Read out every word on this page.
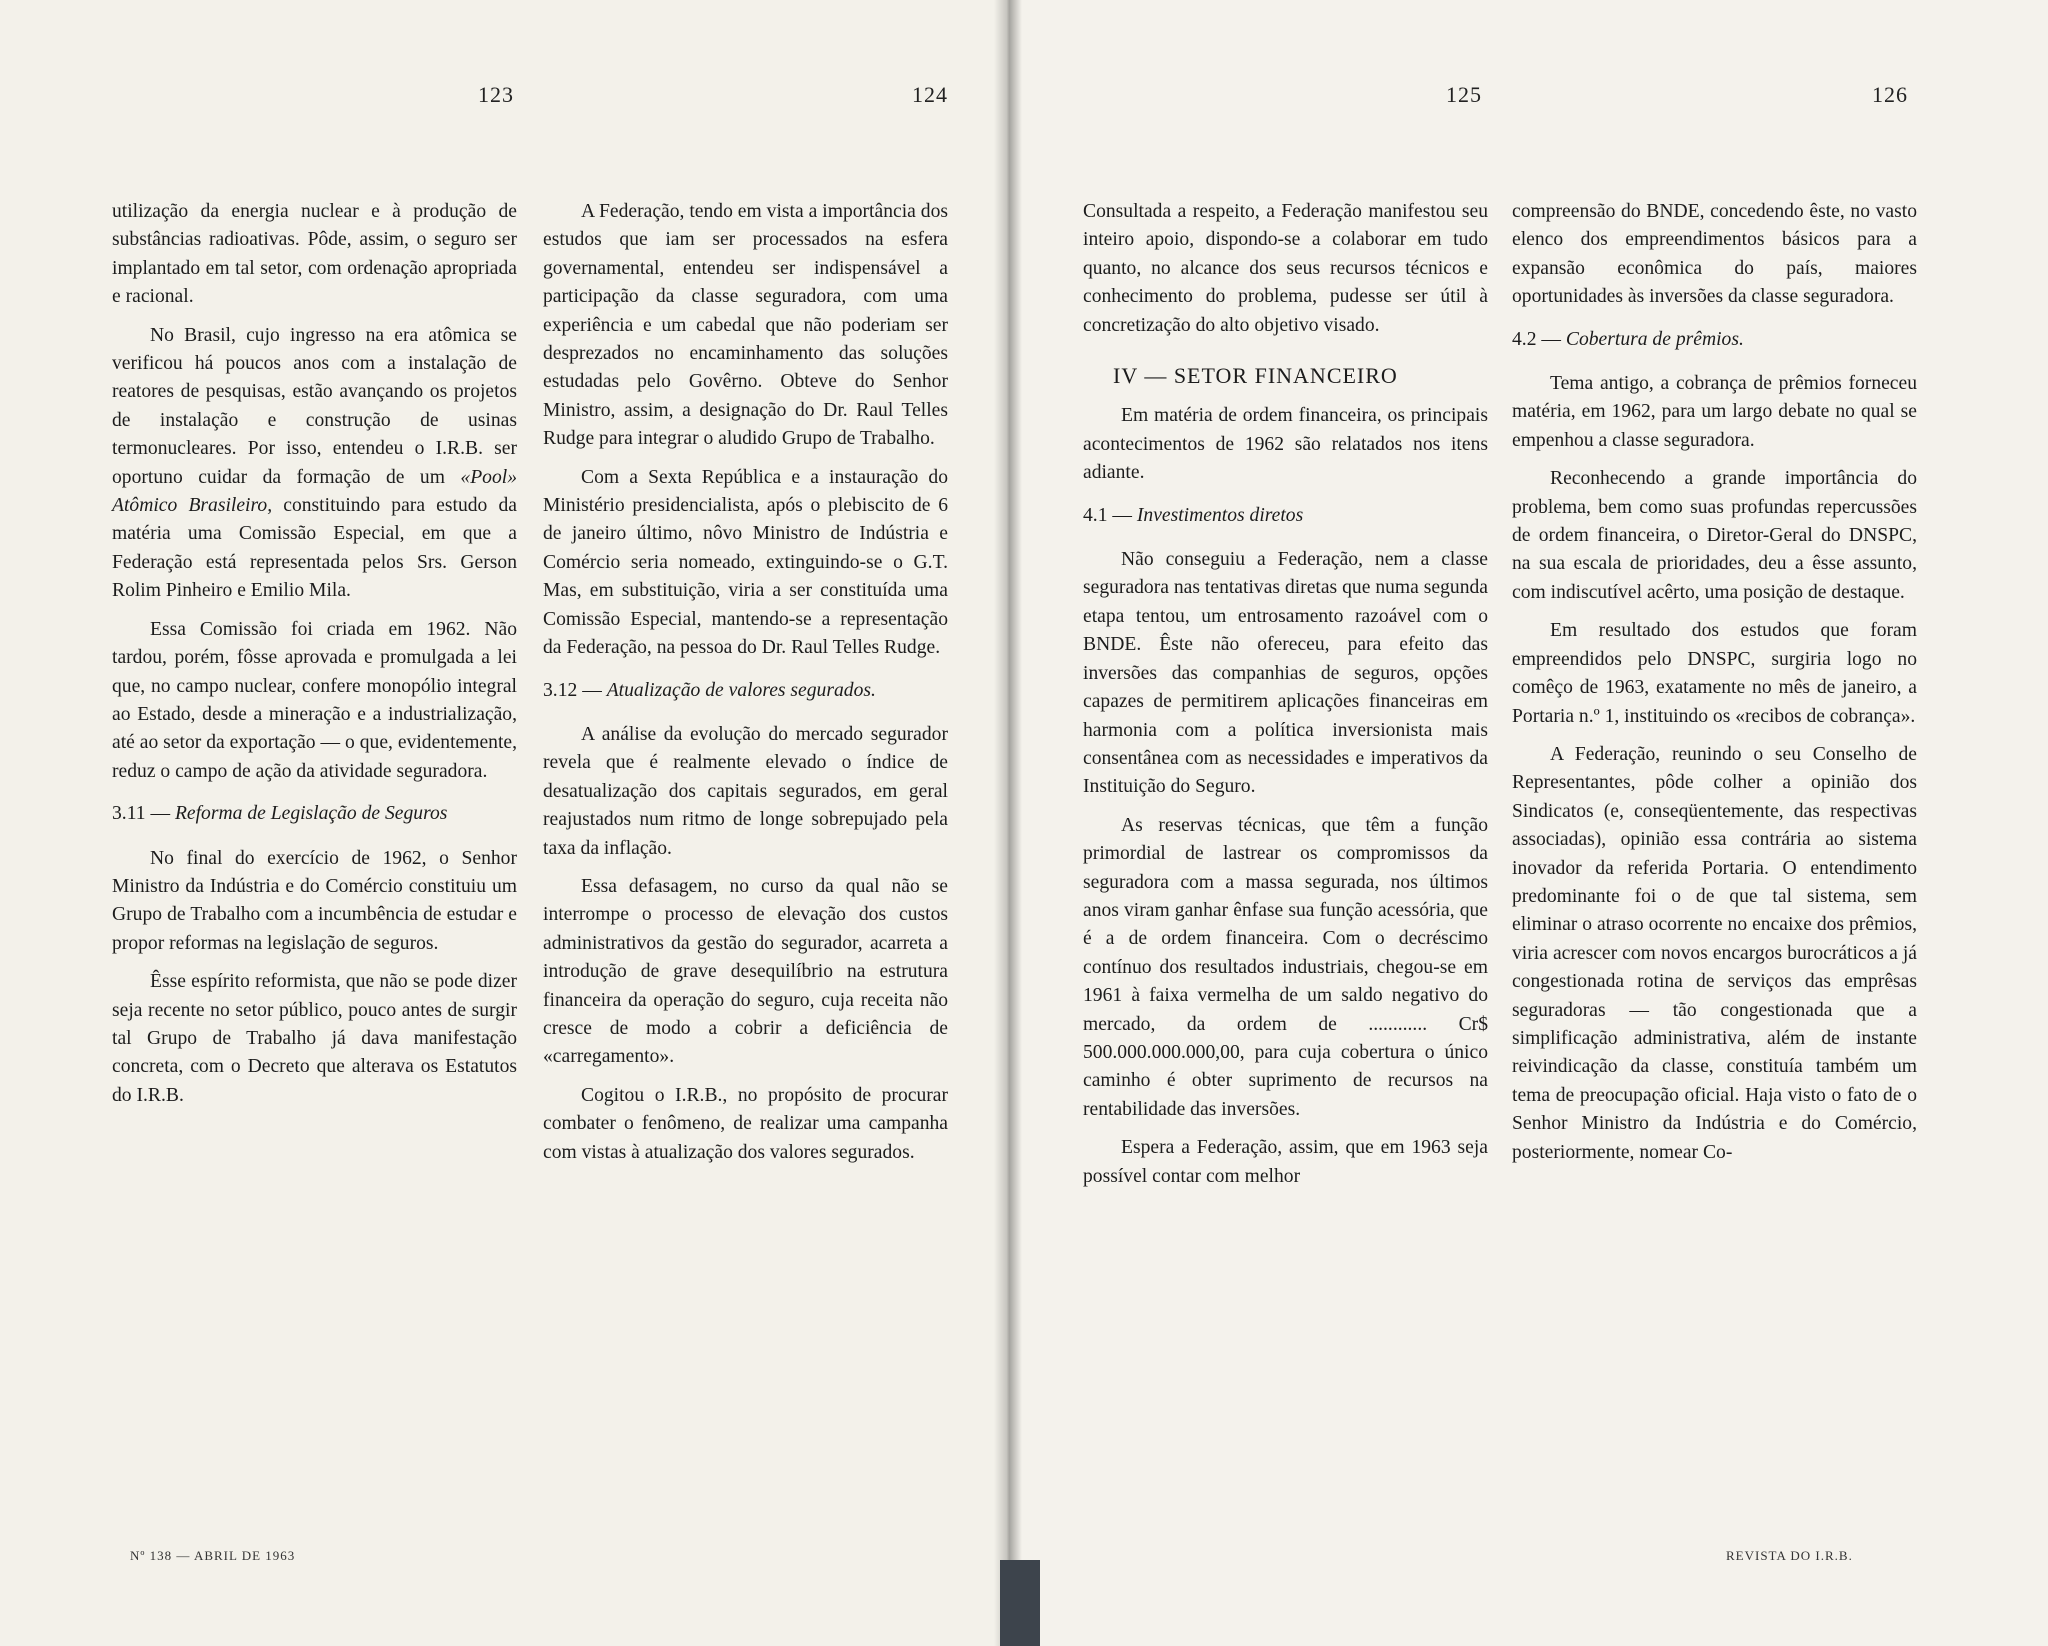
123	124	125	126

utilização da energia nuclear e à produção de substâncias radioativas. Pôde, assim, o seguro ser implantado em tal setor, com ordenação apropriada e racional.

No Brasil, cujo ingresso na era atômica se verificou há poucos anos com a instalação de reatores de pesquisas, estão avançando os projetos de instalação e construção de usinas termonucleares. Por isso, entendeu o I.R.B. ser oportuno cuidar da formação de um «Pool» Atômico Brasileiro, constituindo para estudo da matéria uma Comissão Especial, em que a Federação está representada pelos Srs. Gerson Rolim Pinheiro e Emilio Mila.

Essa Comissão foi criada em 1962. Não tardou, porém, fôsse aprovada e promulgada a lei que, no campo nuclear, confere monopólio integral ao Estado, desde a mineração e a industrialização, até ao setor da exportação — o que, evidentemente, reduz o campo de ação da atividade seguradora.

3.11 — Reforma de Legislação de Seguros

No final do exercício de 1962, o Senhor Ministro da Indústria e do Comércio constituiu um Grupo de Trabalho com a incumbência de estudar e propor reformas na legislação de seguros.

Êsse espírito reformista, que não se pode dizer seja recente no setor público, pouco antes de surgir tal Grupo de Trabalho já dava manifestação concreta, com o Decreto que alterava os Estatutos do I.R.B.

A Federação, tendo em vista a importância dos estudos que iam ser processados na esfera governamental, entendeu ser indispensável a participação da classe seguradora, com uma experiência e um cabedal que não poderiam ser desprezados no encaminhamento das soluções estudadas pelo Govêrno. Obteve do Senhor Ministro, assim, a designação do Dr. Raul Telles Rudge para integrar o aludido Grupo de Trabalho.

Com a Sexta República e a instauração do Ministério presidencialista, após o plebiscito de 6 de janeiro último, nôvo Ministro de Indústria e Comércio seria nomeado, extinguindo-se o G.T. Mas, em substituição, viria a ser constituída uma Comissão Especial, mantendo-se a representação da Federação, na pessoa do Dr. Raul Telles Rudge.

3.12 — Atualização de valores segurados.

A análise da evolução do mercado segurador revela que é realmente elevado o índice de desatualização dos capitais segurados, em geral reajustados num ritmo de longe sobrepujado pela taxa da inflação.

Essa defasagem, no curso da qual não se interrompe o processo de elevação dos custos administrativos da gestão do segurador, acarreta a introdução de grave desequilíbrio na estrutura financeira da operação do seguro, cuja receita não cresce de modo a cobrir a deficiência de «carregamento».

Cogitou o I.R.B., no propósito de procurar combater o fenômeno, de realizar uma campanha com vistas à atualização dos valores segurados.

Consultada a respeito, a Federação manifestou seu inteiro apoio, dispondo-se a colaborar em tudo quanto, no alcance dos seus recursos técnicos e conhecimento do problema, pudesse ser útil à concretização do alto objetivo visado.

IV — SETOR FINANCEIRO

Em matéria de ordem financeira, os principais acontecimentos de 1962 são relatados nos itens adiante.

4.1 — Investimentos diretos

Não conseguiu a Federação, nem a classe seguradora nas tentativas diretas que numa segunda etapa tentou, um entrosamento razoável com o BNDE. Êste não ofereceu, para efeito das inversões das companhias de seguros, opções capazes de permitirem aplicações financeiras em harmonia com a política inversionista mais consentânea com as necessidades e imperativos da Instituição do Seguro.

As reservas técnicas, que têm a função primordial de lastrear os compromissos da seguradora com a massa segurada, nos últimos anos viram ganhar ênfase sua função acessória, que é a de ordem financeira. Com o decréscimo contínuo dos resultados industriais, chegou-se em 1961 à faixa vermelha de um saldo negativo do mercado, da ordem de ............ Cr$ 500.000.000.000,00, para cuja cobertura o único caminho é obter suprimento de recursos na rentabilidade das inversões.

Espera a Federação, assim, que em 1963 seja possível contar com melhor

compreensão do BNDE, concedendo êste, no vasto elenco dos empreendimentos básicos para a expansão econômica do país, maiores oportunidades às inversões da classe seguradora.

4.2 — Cobertura de prêmios.

Tema antigo, a cobrança de prêmios forneceu matéria, em 1962, para um largo debate no qual se empenhou a classe seguradora.

Reconhecendo a grande importância do problema, bem como suas profundas repercussões de ordem financeira, o Diretor-Geral do DNSPC, na sua escala de prioridades, deu a êsse assunto, com indiscutível acêrto, uma posição de destaque.

Em resultado dos estudos que foram empreendidos pelo DNSPC, surgiria logo no comêço de 1963, exatamente no mês de janeiro, a Portaria n.º 1, instituindo os «recibos de cobrança».

A Federação, reunindo o seu Conselho de Representantes, pôde colher a opinião dos Sindicatos (e, conseqüentemente, das respectivas associadas), opinião essa contrária ao sistema inovador da referida Portaria. O entendimento predominante foi o de que tal sistema, sem eliminar o atraso ocorrente no encaixe dos prêmios, viria acrescer com novos encargos burocráticos a já congestionada rotina de serviços das emprêsas seguradoras — tão congestionada que a simplificação administrativa, além de instante reivindicação da classe, constituía também um tema de preocupação oficial. Haja visto o fato de o Senhor Ministro da Indústria e do Comércio, posteriormente, nomear Co-

Nº 138 — ABRIL DE 1963	REVISTA DO I.R.B.
